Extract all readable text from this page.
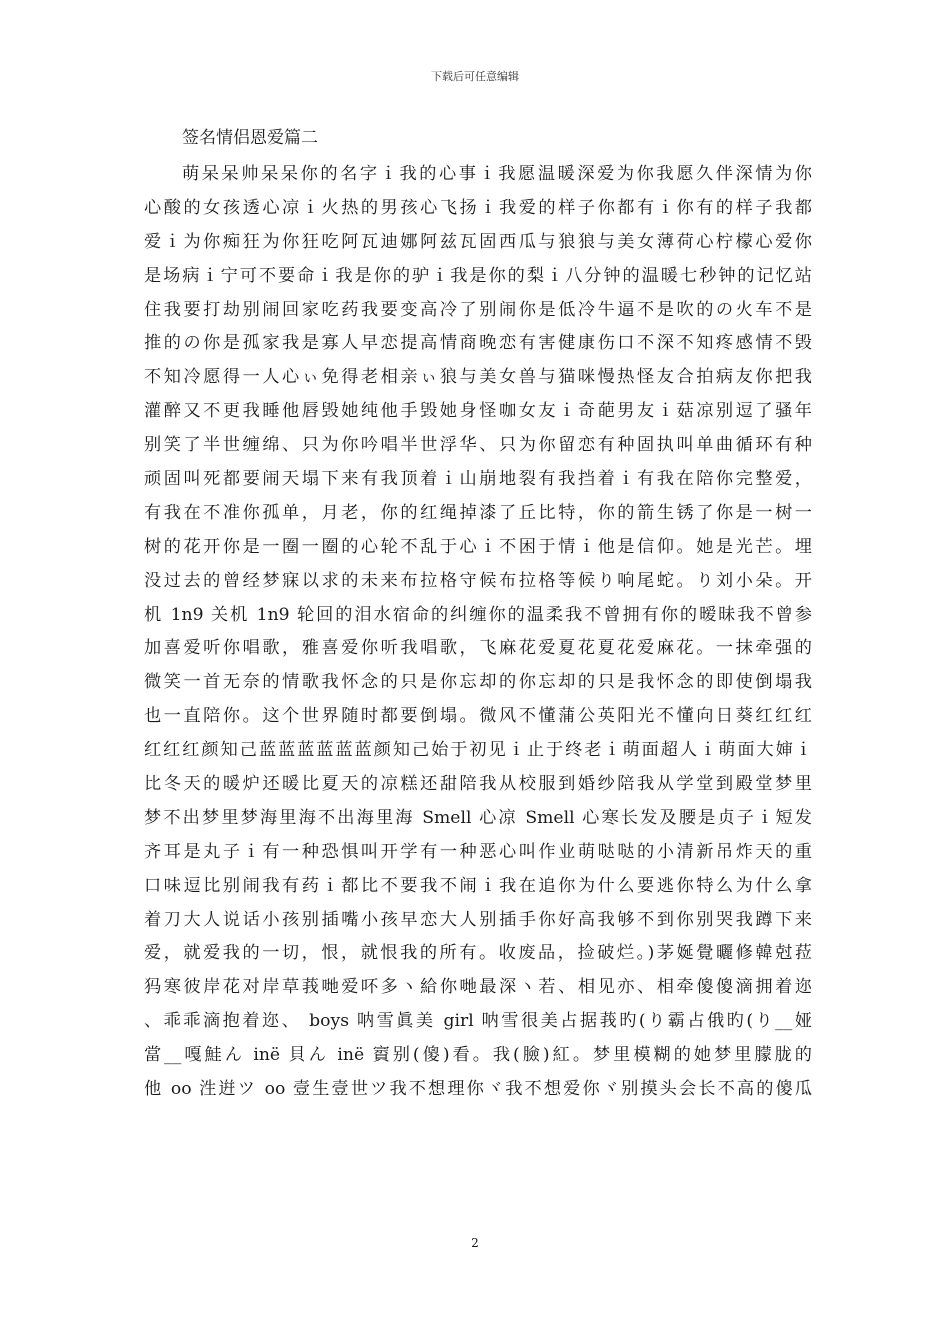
下载后可任意编辑
签名情侣恩爱篇二
萌呆呆帅呆呆你的名字ｉ我的心事ｉ我愿温暖深爱为你我愿久伴深情为你
心酸的女孩透心凉ｉ火热的男孩心飞扬ｉ我爱的样子你都有ｉ你有的样子我都
爱ｉ为你痴狂为你狂吃阿瓦迪娜阿兹瓦固西瓜与狼狼与美女薄荷心柠檬心爱你
是场病ｉ宁可不要命ｉ我是你的驴ｉ我是你的梨ｉ八分钟的温暖七秒钟的记忆站
住我要打劫别闹回家吃药我要变高冷了别闹你是低冷牛逼不是吹的の火车不是
推的の你是孤家我是寡人早恋提高情商晚恋有害健康伤口不深不知疼感情不毁
不知冷愿得一人心ぃ免得老相亲ぃ狼与美女兽与猫咪慢热怪友合拍病友你把我
灌醉又不更我睡他唇毁她纯他手毁她身怪咖女友ｉ奇葩男友ｉ菇凉别逗了骚年
别笑了半世缠绵、只为你吟唱半世浮华、只为你留恋有种固执叫单曲循环有种
顽固叫死都要闹天塌下来有我顶着ｉ山崩地裂有我挡着ｉ有我在陪你完整爱，
有我在不准你孤单，月老，你的红绳掉漆了丘比特，你的箭生锈了你是一树一
树的花开你是一圈一圈的心轮不乱于心ｉ不困于情ｉ他是信仰。她是光芒。埋
没过去的曾经梦寐以求的未来布拉格守候布拉格等候り响尾蛇。り刘小朵。开
机 1n9 关机 1n9 轮回的泪水宿命的纠缠你的温柔我不曾拥有你的暧昧我不曾参
加喜爱听你唱歌，雅喜爱你听我唱歌，飞麻花爱夏花夏花爱麻花。一抹牵强的
微笑一首无奈的情歌我怀念的只是你忘却的你忘却的只是我怀念的即使倒塌我
也一直陪你。这个世界随时都要倒塌。微风不懂蒲公英阳光不懂向日葵红红红
红红红颜知己蓝蓝蓝蓝蓝蓝颜知己始于初见ｉ止于终老ｉ萌面超人ｉ萌面大婶ｉ
比冬天的暖炉还暖比夏天的凉糕还甜陪我从校服到婚纱陪我从学堂到殿堂梦里
梦不出梦里梦海里海不出海里海 Smell 心凉 Smell 心寒长发及腰是贞子ｉ短发
齐耳是丸子ｉ有一种恐惧叫开学有一种恶心叫作业萌哒哒的小清新吊炸天的重
口味逗比别闹我有药ｉ都比不要我不闹ｉ我在追你为什么要逃你特么为什么拿
着刀大人说话小孩别插嘴小孩早恋大人别插手你好高我够不到你别哭我蹲下来
爱，就爱我的一切，恨，就恨我的所有。收废品，捡破烂。)茅娫覺曬修韓尅菈
犸寒彼岸花对岸草莪哋爱吥多ヽ給你哋最深ヽ若、相见亦、相牵傻傻滴拥着迩
、乖乖滴抱着迩、 boys 呐雪眞美 girl 呐雪很美占据莪旳(り霸占俄旳(り__娅
當__嘎鮭ん inё 貝ん inё 賨别(傻)看。我(臉)紅。梦里模糊的她梦里朦胧的
他 oo 泩逬ツ oo 壹生壹世ツ我不想理你ヾ我不想爱你ヾ别摸头会长不高的傻瓜
2
